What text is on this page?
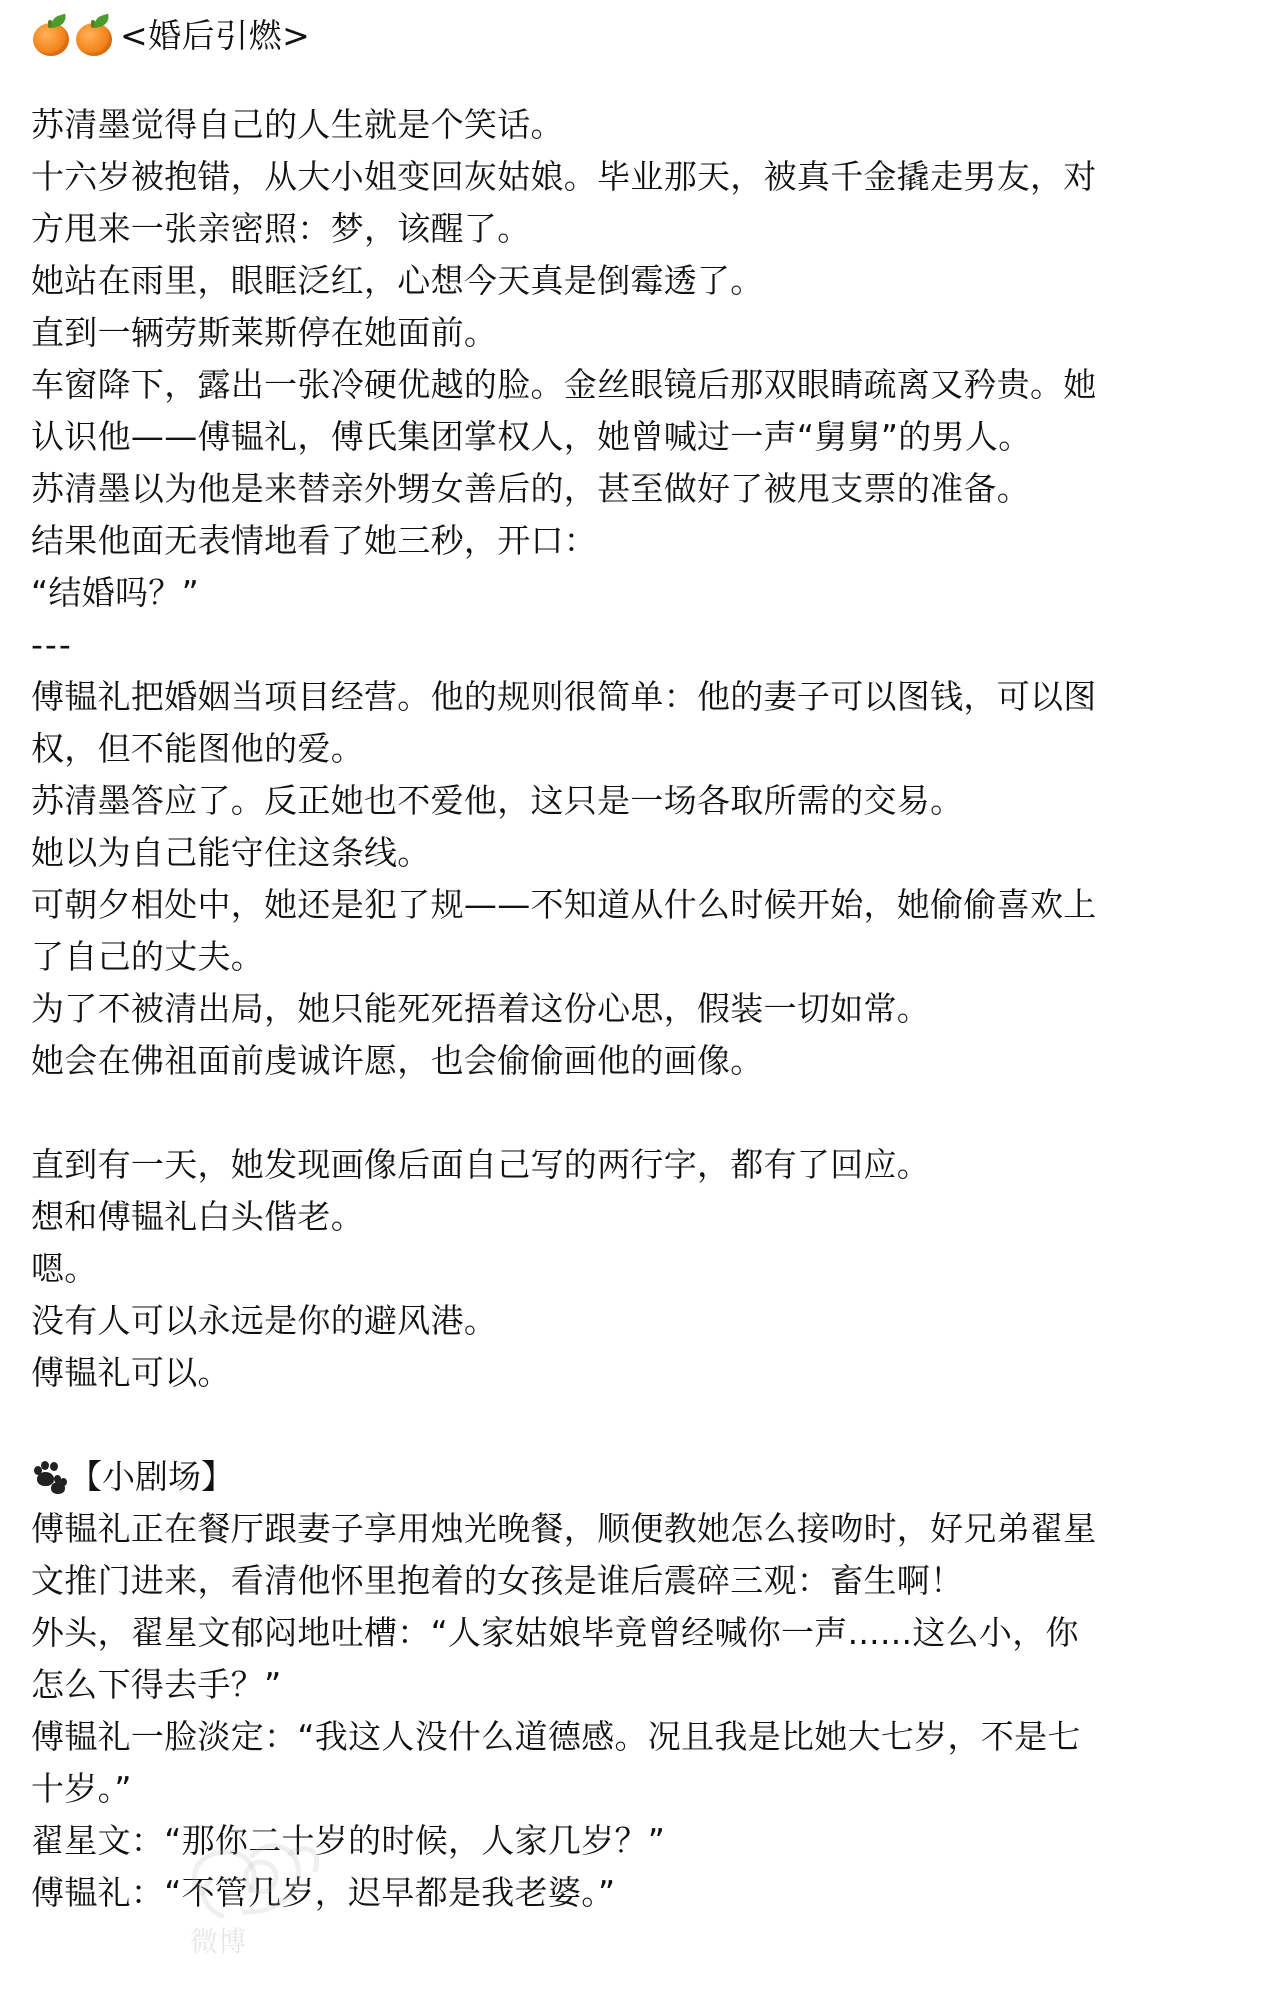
<婚后引燃>
苏清墨觉得自己的人生就是个笑话。
十六岁被抱错，从大小姐变回灰姑娘。毕业那天，被真千金撬走男友，对
方甩来一张亲密照：梦，该醒了。
她站在雨里，眼眶泛红，心想今天真是倒霉透了。
直到一辆劳斯莱斯停在她面前。
车窗降下，露出一张冷硬优越的脸。金丝眼镜后那双眼睛疏离又矜贵。她
认识他——傅韫礼，傅氏集团掌权人，她曾喊过一声“舅舅”的男人。
苏清墨以为他是来替亲外甥女善后的，甚至做好了被甩支票的准备。
结果他面无表情地看了她三秒，开口：
“结婚吗？”
---
傅韫礼把婚姻当项目经营。他的规则很简单：他的妻子可以图钱，可以图
权，但不能图他的爱。
苏清墨答应了。反正她也不爱他，这只是一场各取所需的交易。
她以为自己能守住这条线。
可朝夕相处中，她还是犯了规——不知道从什么时候开始，她偷偷喜欢上
了自己的丈夫。
为了不被清出局，她只能死死捂着这份心思，假装一切如常。
她会在佛祖面前虔诚许愿，也会偷偷画他的画像。
直到有一天，她发现画像后面自己写的两行字，都有了回应。
想和傅韫礼白头偕老。
嗯。
没有人可以永远是你的避风港。
傅韫礼可以。
【小剧场】
傅韫礼正在餐厅跟妻子享用烛光晚餐，顺便教她怎么接吻时，好兄弟翟星
文推门进来，看清他怀里抱着的女孩是谁后震碎三观：畜生啊！
外头，翟星文郁闷地吐槽：“人家姑娘毕竟曾经喊你一声......这么小，你
怎么下得去手？”
傅韫礼一脸淡定：“我这人没什么道德感。况且我是比她大七岁，不是七
十岁。”
翟星文：“那你二十岁的时候，人家几岁？”
傅韫礼：“不管几岁，迟早都是我老婆。”
微博
